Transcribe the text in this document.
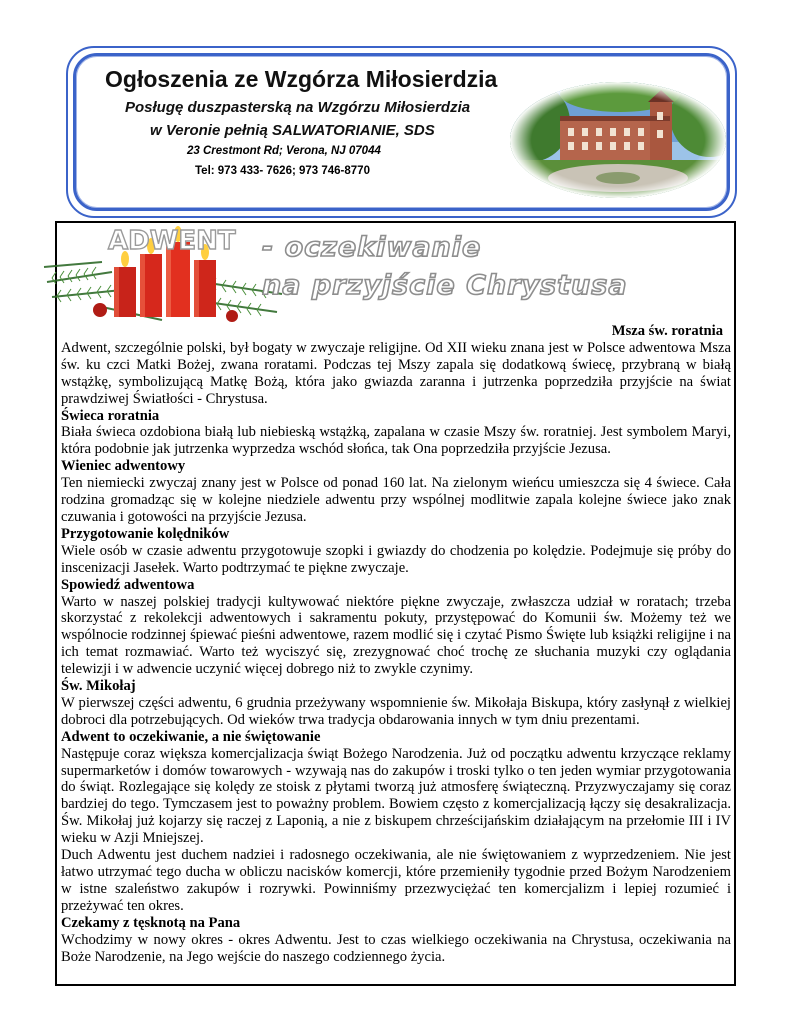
Ogłoszenia ze Wzgórza Miłosierdzia
Posługę duszpasterską na Wzgórzu Miłosierdzia
w Veronie pełnią SALWATORIANIE, SDS
23 Crestmont Rd; Verona, NJ 07044
Tel: 973 433- 7626; 973 746-8770
ADWENT - oczekiwanie
na przyjście Chrystusa

Msza św. roratnia

Adwent, szczególnie polski, był bogaty w zwyczaje religijne. Od XII wieku znana jest w Polsce adwentowa Msza św. ku czci Matki Bożej, zwana roratami. Podczas tej Mszy zapala się dodatkową świecę, przybraną w białą wstążkę, symbolizującą Matkę Bożą, która jako gwiazda zaranna i jutrzenka poprzedziła przyjście na świat prawdziwej Światłości - Chrystusa.

Świeca roratnia

Biała świeca ozdobiona białą lub niebieską wstążką, zapalana w czasie Mszy św. roratniej. Jest symbolem Maryi, która podobnie jak jutrzenka wyprzedza wschód słońca, tak Ona poprzedziła przyjście Jezusa.

Wieniec adwentowy

Ten niemiecki zwyczaj znany jest w Polsce od ponad 160 lat. Na zielonym wieńcu umieszcza się 4 świece. Cała rodzina gromadząc się w kolejne niedziele adwentu przy wspólnej modlitwie zapala kolejne świece jako znak czuwania i gotowości na przyjście Jezusa.

Przygotowanie kolędników

Wiele osób w czasie adwentu przygotowuje szopki i gwiazdy do chodzenia po kolędzie. Podejmuje się próby do inscenizacji Jasełek. Warto podtrzymać te piękne zwyczaje.

Spowiedź adwentowa

Warto w naszej polskiej tradycji kultywować niektóre piękne zwyczaje, zwłaszcza udział w roratach; trzeba skorzystać z rekolekcji adwentowych i sakramentu pokuty, przystępować do Komunii św. Możemy też we wspólnocie rodzinnej śpiewać pieśni adwentowe, razem modlić się i czytać Pismo Święte lub książki religijne i na ich temat rozmawiać. Warto też wyciszyć się, zrezygnować choć trochę ze słuchania muzyki czy oglądania telewizji i w adwencie uczynić więcej dobrego niż to zwykle czynimy.

Św. Mikołaj

W pierwszej części adwentu, 6 grudnia przeżywany wspomnienie św. Mikołaja Biskupa, który zasłynął z wielkiej dobroci dla potrzebujących. Od wieków trwa tradycja obdarowania innych w tym dniu prezentami.

Adwent to oczekiwanie, a nie świętowanie

Następuje coraz większa komercjalizacja świąt Bożego Narodzenia. Już od początku adwentu krzyczące reklamy supermarketów i domów towarowych - wzywają nas do zakupów i troski tylko o ten jeden wymiar przygotowania do świąt. Rozlegające się kolędy ze stoisk z płytami tworzą już atmosferę świąteczną. Przyzwyczajamy się coraz bardziej do tego. Tymczasem jest to poważny problem. Bowiem często z komercjalizacją łączy się desakralizacja. Św. Mikołaj już kojarzy się raczej z Laponią, a nie z biskupem chrześcijańskim działającym na przełomie III i IV wieku w Azji Mniejszej.

Duch Adwentu jest duchem nadziei i radosnego oczekiwania, ale nie świętowaniem z wyprzedzeniem. Nie jest łatwo utrzymać tego ducha w obliczu nacisków komercji, które przemieniły tygodnie przed Bożym Narodzeniem w istne szaleństwo zakupów i rozrywki. Powinniśmy przezwyciężać ten komercjalizm i lepiej rozumieć i przeżywać ten okres.

Czekamy z tęsknotą na Pana

Wchodzimy w nowy okres - okres Adwentu. Jest to czas wielkiego oczekiwania na Chrystusa, oczekiwania na Boże Narodzenie, na Jego wejście do naszego codziennego życia.
